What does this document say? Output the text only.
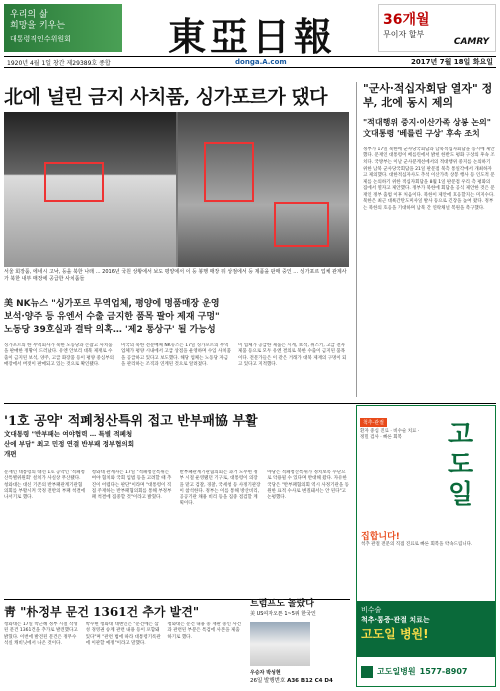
우리의 삶
희망을 키우는
대통령직인수위원회	東亞日報	36개월
무이자 할부
CAMRY
1920년 4월 1일 창간 제29389호 종합	donga.A.com	2017년 7월 18일 화요일
北에 널린 금지 사치품, 싱가포르가 댔다
서울 회장품, 에네시 고낙, 등을 북한 나래 … 2016년 국원 상황에서 보도 평양에서 이 등 봉행 매장 뒤 상점에서 등 제품을 판매 중인 … 싱가포르 업체 관계사가 북한 내부 매장에 공급한 사치품들
美 NK뉴스 "싱가포르 무역업체, 평양에 명품매장 운영
보석·양주 등 유엔서 수출 금지한 품목 팔아 제재 구멍"
노동당 39호실과 결탁 의혹… '제2 통상구' 될 가능성
싱가포르의 한 무역회사가 북한 노동당과 손잡고 사치품을 판매한 정황이 드러났다. 유엔 안보리 대북 제재로 수출이 금지된 보석, 양주, 고급 화장품 등이 평양 중심부의 매장에서 버젓이 판매되고 있는 것으로 확인됐다.
미국의 북한 전문매체 NK뉴스는 17일 싱가포르의 무역업체가 평양 시내에서 고급 상점을 운영하며 수입 사치품을 공급하고 있다고 보도했다. 해당 업체는 노동당 자금을 관리하는 조직과 연계된 것으로 알려졌다.
이 업체가 공급한 제품은 시계, 보석, 위스키, 고급 전자제품 등으로 모두 유엔 결의로 북한 수출이 금지된 품목이다. 전문가들은 이 같은 거래가 대북 제재의 구멍이 되고 있다고 지적했다.
"군사·적십자회담 열자" 정부, 北에 동시 제의
"적대행위 중지·이산가족 상봉 논의" 文대통령 '베를린 구상' 후속 조치
정부가 17일 북한에 군사당국회담과 남북적십자회담을 동시에 제안했다. 문재인 대통령이 베를린에서 밝힌 한반도 평화 구상의 후속 조치다. 국방부는 이날 군사분계선에서의 적대행위 중지를 논의하기 위한 남북 군사당국회담을 21일 판문점 북측 통일각에서 개최하자고 제의했다. 대한적십자사도 추석 이산가족 상봉 행사 등 인도적 문제를 논의하기 위한 적십자회담을 8월 1일 판문점 우리 측 평화의 집에서 열자고 제안했다. 정부가 북한에 회담을 공식 제안한 것은 문재인 정부 출범 이후 처음이다. 북한이 제안에 호응할지는 미지수다. 북한은 최근 대륙간탄도미사일 발사 등으로 긴장을 높여 왔다. 정부는 북한의 호응을 기대하며 남북 간 연락채널 복원을 촉구했다.
'1호 공약' 적폐청산특위 접고 반부패協 부활
文대통령 "반부패는 여야협력 … 특별 적폐청산에 부담" 최고 민정 연결 반부패 정부협의회 개편
문재인 대통령의 대선 1호 공약인 '적폐청산특별위원회' 설치가 사실상 무산됐다. 청와대는 대신 기존의 반부패관계기관협의회를 부활시켜 국정 전반의 부패 척결에 나서기로 했다.
청와대 관계자는 17일 "적폐청산특위는 여야 협치와 국회 입법 등을 고려할 때 추진이 어렵다는 판단"이라며 "대통령이 직접 주재하는 반부패협의회를 통해 부정부패 척결에 집중할 것"이라고 밝혔다.
반부패관계기관협의회는 과거 노무현 정부 시절 운영됐던 기구로, 대통령이 의장을 맡고 검찰, 경찰, 국세청 등 사정기관장이 참석한다. 정부는 이를 통해 방산비리, 공공기관 채용 비리 등을 집중 점검할 계획이다.
야당은 적폐청산특위가 정치보복 수단으로 악용될 수 있다며 반대해 왔다. 자유한국당은 "반부패협의회 역시 사정기관을 동원한 표적 수사로 변질돼서는 안 된다"고 논평했다.
靑 "朴정부 문건 1361건 추가 발견"
청와대는 17일 박근혜 정부 시절 작성된 문건 1361건을 추가로 발견했다고 밝혔다. 이번에 발견된 문건은 정무수석실 캐비닛에서 나온 것이다.
박수현 청와대 대변인은 "문건에는 삼성 경영권 승계 관련 내용 등이 포함돼 있다"며 "관련 법에 따라 대통령기록관에 이관할 예정"이라고 말했다.
청와대는 문건 내용 중 재판 중인 사건과 관련된 부분은 특검에 사본을 제출하기로 했다.
트럼프도 놀랐다
美 US여자오픈 1~5위 한국인
우승자 박성현
26일 발행번호 A36 B12 C4 D4
척추·관절
환자 중심 진료 · 비수술 치료 · 정밀 검사 · 빠른 회복	고
도
일
집합니다!
척추 관절 전문의 직접 진료로 빠른 회복을 약속드립니다.
비수술
척추·통증·관절 치료는
고도일 병원!
고도일병원 1577-8907
